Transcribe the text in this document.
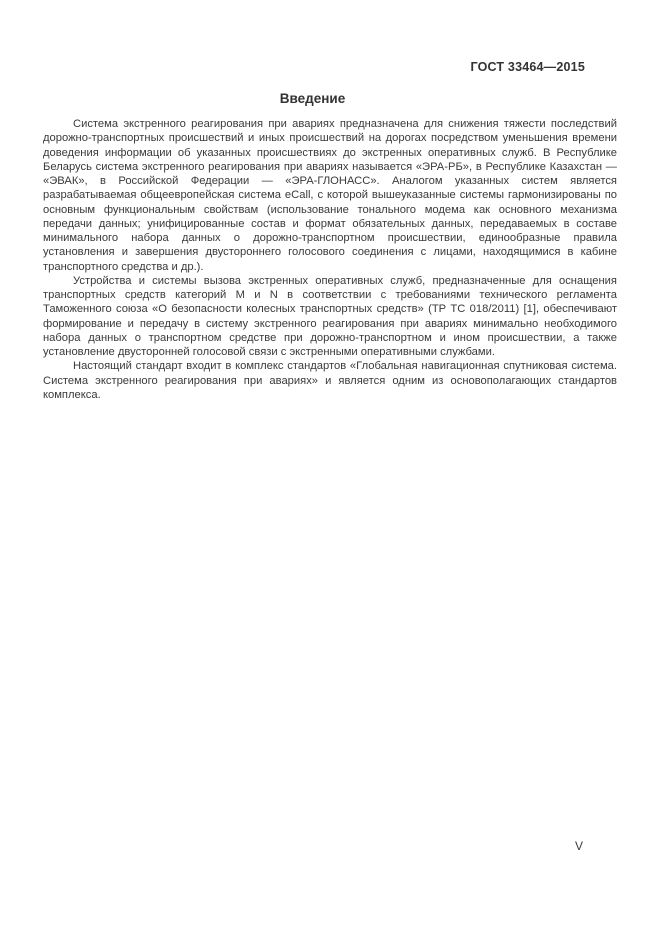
ГОСТ 33464—2015
Введение

Система экстренного реагирования при авариях предназначена для снижения тяжести последствий дорожно-транспортных происшествий и иных происшествий на дорогах посредством уменьшения времени доведения информации об указанных происшествиях до экстренных оперативных служб. В Республике Беларусь система экстренного реагирования при авариях называется «ЭРА-РБ», в Республике Казахстан — «ЭВАК», в Российской Федерации — «ЭРА-ГЛОНАСС». Аналогом указанных систем является разрабатываемая общеевропейская система eCall, с которой вышеуказанные системы гармонизированы по основным функциональным свойствам (использование тонального модема как основного механизма передачи данных; унифицированные состав и формат обязательных данных, передаваемых в составе минимального набора данных о дорожно-транспортном происшествии, единообразные правила установления и завершения двустороннего голосового соединения с лицами, находящимися в кабине транспортного средства и др.).

Устройства и системы вызова экстренных оперативных служб, предназначенные для оснащения транспортных средств категорий M и N в соответствии с требованиями технического регламента Таможенного союза «О безопасности колесных транспортных средств» (ТР ТС 018/2011) [1], обеспечивают формирование и передачу в систему экстренного реагирования при авариях минимально необходимого набора данных о транспортном средстве при дорожно-транспортном и ином происшествии, а также установление двусторонней голосовой связи с экстренными оперативными службами.

Настоящий стандарт входит в комплекс стандартов «Глобальная навигационная спутниковая система. Система экстренного реагирования при авариях» и является одним из основополагающих стандартов комплекса.

V
